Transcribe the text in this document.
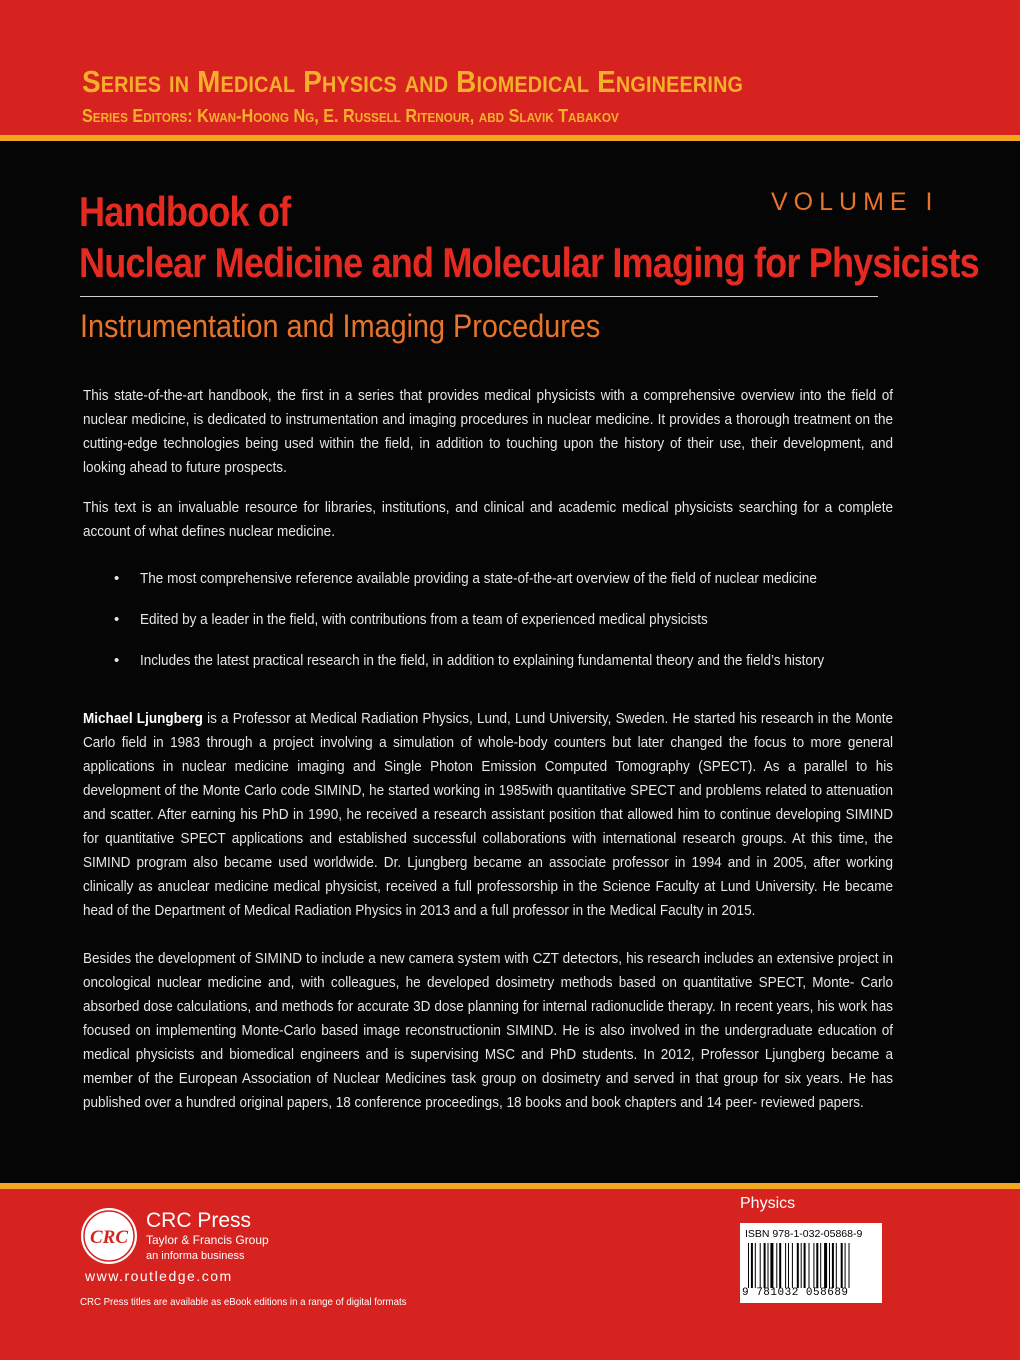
Series in Medical Physics and Biomedical Engineering
Series Editors: Kwan-Hoong Ng, E. Russell Ritenour, abd Slavik Tabakov
VOLUME I
Handbook of
Nuclear Medicine and Molecular Imaging for Physicists
Instrumentation and Imaging Procedures

This state-of-the-art handbook, the first in a series that provides medical physicists with a comprehensive overview into the field of nuclear medicine, is dedicated to instrumentation and imaging procedures in nuclear medicine. It provides a thorough treatment on the cutting-edge technologies being used within the field, in addition to touching upon the history of their use, their development, and looking ahead to future prospects.

This text is an invaluable resource for libraries, institutions, and clinical and academic medical physicists searching for a complete account of what defines nuclear medicine.

• The most comprehensive reference available providing a state-of-the-art overview of the field of nuclear medicine
• Edited by a leader in the field, with contributions from a team of experienced medical physicists
• Includes the latest practical research in the field, in addition to explaining fundamental theory and the field’s history

Michael Ljungberg is a Professor at Medical Radiation Physics, Lund, Lund University, Sweden. He started his research in the Monte Carlo field in 1983 through a project involving a simulation of whole-body counters but later changed the focus to more general applications in nuclear medicine imaging and Single Photon Emission Computed Tomography (SPECT). As a parallel to his development of the Monte Carlo code SIMIND, he started working in 1985with quantitative SPECT and problems related to attenuation and scatter. After earning his PhD in 1990, he received a research assistant position that allowed him to continue developing SIMIND for quantitative SPECT applications and established successful collaborations with international research groups. At this time, the SIMIND program also became used worldwide. Dr. Ljungberg became an associate professor in 1994 and in 2005, after working clinically as anuclear medicine medical physicist, received a full professorship in the Science Faculty at Lund University. He became head of the Department of Medical Radiation Physics in 2013 and a full professor in the Medical Faculty in 2015.

Besides the development of SIMIND to include a new camera system with CZT detectors, his research includes an extensive project in oncological nuclear medicine and, with colleagues, he developed dosimetry methods based on quantitative SPECT, Monte- Carlo absorbed dose calculations, and methods for accurate 3D dose planning for internal radionuclide therapy. In recent years, his work has focused on implementing Monte-Carlo based image reconstructionin SIMIND. He is also involved in the undergraduate education of medical physicists and biomedical engineers and is supervising MSC and PhD students. In 2012, Professor Ljungberg became a member of the European Association of Nuclear Medicines task group on dosimetry and served in that group for six years. He has published over a hundred original papers, 18 conference proceedings, 18 books and book chapters and 14 peer- reviewed papers.

CRC
CRC Press
Taylor & Francis Group
an informa business
www.routledge.com
CRC Press titles are available as eBook editions in a range of digital formats
Physics
ISBN 978-1-032-05868-9
9 781032 058689
